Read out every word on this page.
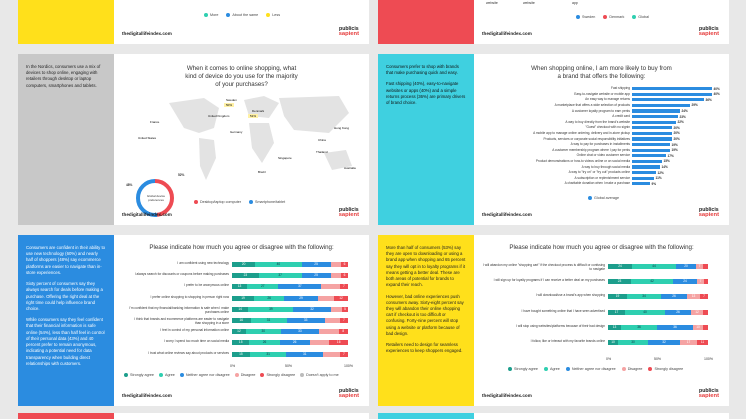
More	About the same	Less
thedigitallifeindex.com
publicis
sapient
website	website	app
Sweden	Denmark	Global
thedigitallifeindex.com
publicis
sapient

In the Nordics, consumers use a mix of devices to shop online, engaging with retailers through desktop or laptop computers, smartphones and tablets.

When it comes to online shopping, what kind of device do you use for the majority of your purchases?
Sweden
50%
Denmark
51%
France
United Kingdom
Germany
United States	China
Hong Kong
Thailand
Singapore
Australia
Brazil
Global device preferences
48%
52%
Desktop/laptop computer	Smartphone/tablet
thedigitallifeindex.com
publicis
sapient

Consumers prefer to shop with brands that make purchasing quick and easy.

Fast shipping (40%), easy-to-navigate websites or apps (40%) and a simple returns process (36%) are primary drivers of brand choice.

When shopping online, I am more likely to buy from a brand that offers the following:
Fast shipping	40%
Easy-to-navigate website or mobile app	40%
An easy way to manage returns	36%
A marketplace that offers a wide selection of products	29%
A customer loyalty program to earn perks	24%
A credit card	23%
A way to buy directly from the brand's website	22%
"Guest" checkout with no signin	20%
A mobile app to manage online ordering, delivery and in-store pickup	20%
Products, services or corporate social responsibility initiatives	20%
A way to pay for purchases in installments	19%
A customer membership program where I pay for perks	19%
Online chat or video customer service	17%
Product demonstrations or how-to videos online or on social media	15%
A way to buy through social media	14%
A way to "try on" or "try out" products online	12%
A subscription or replenishment service	11%
A charitable donation when I make a purchase	9%
Global average
thedigitallifeindex.com
publicis
sapient

Consumers are confident in their ability to use new technology (60%) and nearly half of shoppers (48%) say ecommerce platforms are easier to navigate than in-store experiences.

Sixty percent of consumers say they always search for deals before making a purchase. Offering the right deal at the right time could help influence brand choice.

While consumers say they feel confident that their financial information is safe online (54%), less than half feel in control of their personal data (43%) and 40 percent prefer to remain anonymous, indicating a potential need for data transparency when building direct relationships with customers.

Please indicate how much you agree or disagree with the following:
I am confident using new technology	20	40	25	6
I always search for discounts or coupons before making purchases	23	37	25	6
I prefer to be anonymous online	13	27	37	7
I prefer online shopping to shopping in person right now	19	26	29	12
I'm confident that my financial/banking information is safe when I make purchases online
14	39	32	5
I think that brands and ecommerce platforms are easier to navigate than shopping in a store
16	31	33	7
I feel in control of my personal information online	12	30	33	8
I worry I spend too much time on social media	15	26	26	16
I trust what online reviews say about products or services	15	31	31	7
0%	50%	100%
Strongly agree	Agree	Neither agree nor disagree	Disagree	Strongly disagree	Doesn't apply to me
thedigitallifeindex.com
publicis
sapient

More than half of consumers (53%) say they are open to downloading or using a brand app when shopping and 65 percent say they will opt in to loyalty programs if it means getting a better deal. These are both areas of potential for brands to expand their reach.

However, bad online experiences push consumers away. Sixty-eight percent say they will abandon their online shopping cart if checkout is too difficult or confusing. Forty-nine percent will stop using a website or platform because of bad design.

Retailers need to design for seamless experiences to keep shoppers engaged.

Please indicate how much you agree or disagree with the following:
I will abandon my online "shopping cart" if the checkout process is difficult or confusing to navigate
24	44	20	7
I will sign up for loyalty programs if I can receive a better deal on my purchases	23	42	24	7
I will download/use a brand's app when shopping	19	34	26	13	7
I have bought something online that I have seen advertised	17	40	26	12
I will stop using websites/platforms because of their bad design	13	36	36	10
I follow, like or interact with my favorite brands online	10	30	32	17	11
0%	50%	100%
Strongly agree	Agree	Neither agree nor disagree	Disagree	Strongly disagree
thedigitallifeindex.com
publicis
sapient
